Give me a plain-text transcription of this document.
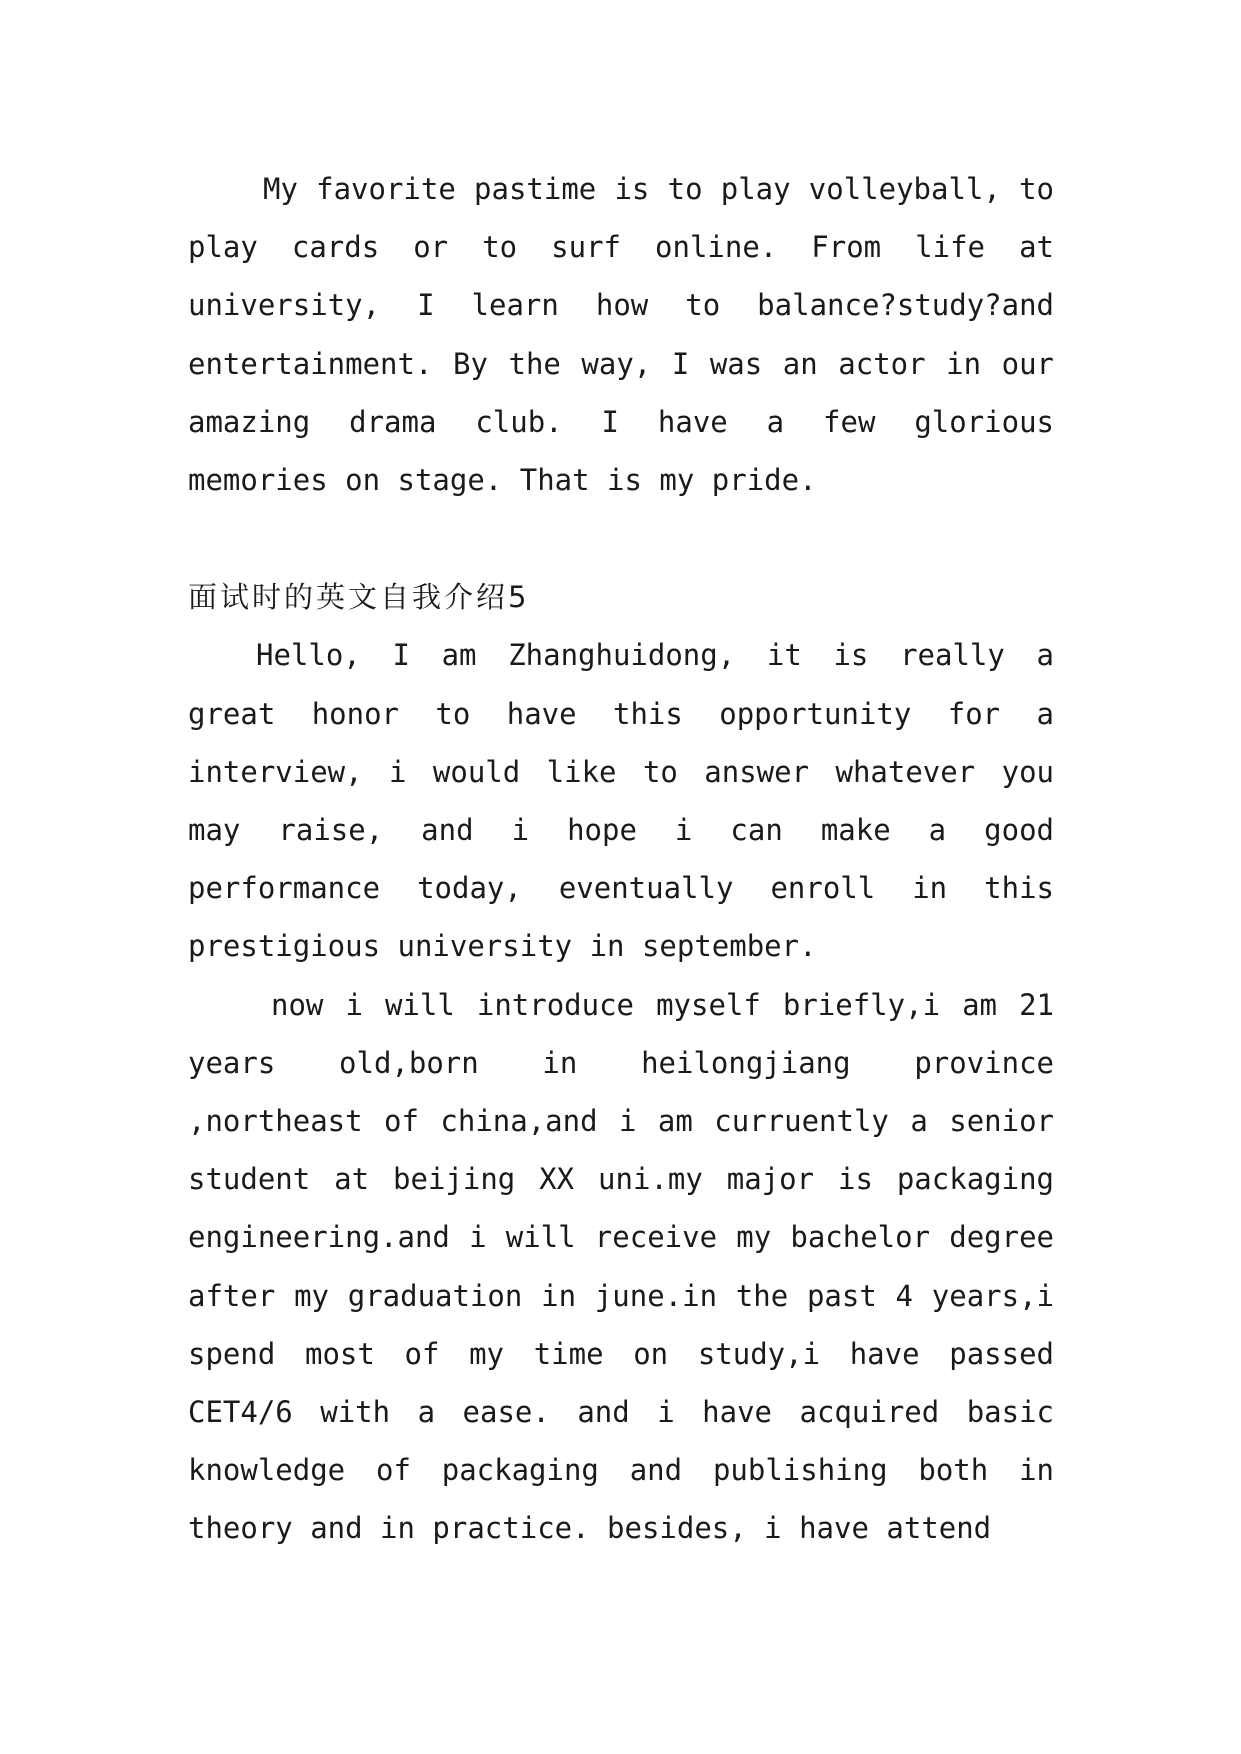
My favorite pastime is to play volleyball, to play cards or to surf online. From life at university, I learn how to balance?study?and entertainment. By the way, I was an actor in our amazing drama club. I have a few glorious memories on stage. That is my pride.

面试时的英文自我介绍5

Hello, I am Zhanghuidong, it is really a great honor to have this opportunity for a interview, i would like to answer whatever you may raise, and i hope i can make a good performance today, eventually enroll in this prestigious university in september.

now i will introduce myself briefly,i am 21 years old,born in heilongjiang province ,northeast of china,and i am curruently a senior student at beijing XX uni.my major is packaging engineering.and i will receive my bachelor degree after my graduation in june.in the past 4 years,i spend most of my time on study,i have passed CET4/6 with a ease. and i have acquired basic knowledge of packaging and publishing both in theory and in practice. besides, i have attend
